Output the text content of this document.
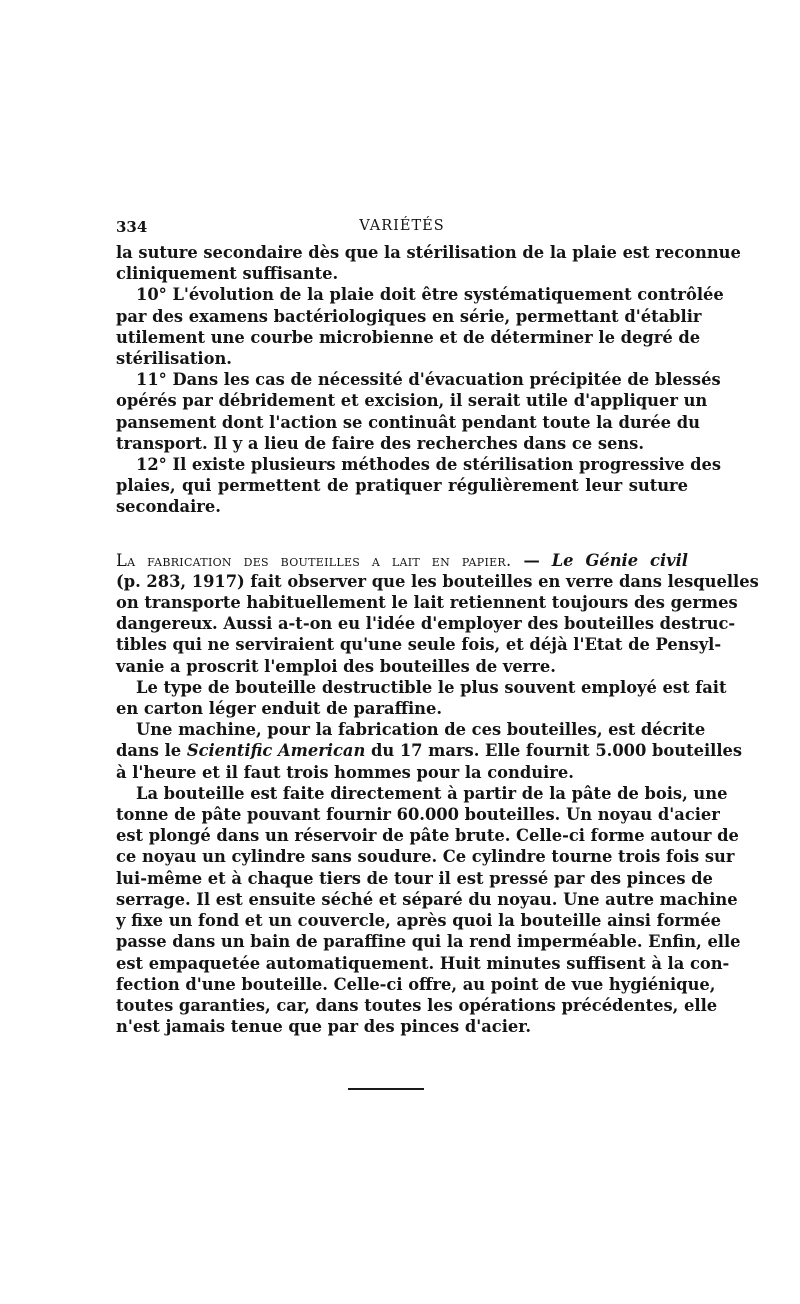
334	VARIÉTÉS
la suture secondaire dès que la stérilisation de la plaie est reconnue
cliniquement suffisante.
10° L'évolution de la plaie doit être systématiquement contrôlée
par des examens bactériologiques en série, permettant d'établir
utilement une courbe microbienne et de déterminer le degré de
stérilisation.
11° Dans les cas de nécessité d'évacuation précipitée de blessés
opérés par débridement et excision, il serait utile d'appliquer un
pansement dont l'action se continuât pendant toute la durée du
transport. Il y a lieu de faire des recherches dans ce sens.
12° Il existe plusieurs méthodes de stérilisation progressive des
plaies, qui permettent de pratiquer régulièrement leur suture
secondaire.
La fabrication des bouteilles a lait en papier. — Le Génie civil
(p. 283, 1917) fait observer que les bouteilles en verre dans lesquelles
on transporte habituellement le lait retiennent toujours des germes
dangereux. Aussi a-t-on eu l'idée d'employer des bouteilles destruc-
tibles qui ne serviraient qu'une seule fois, et déjà l'Etat de Pensyl-
vanie a proscrit l'emploi des bouteilles de verre.
Le type de bouteille destructible le plus souvent employé est fait
en carton léger enduit de paraffine.
Une machine, pour la fabrication de ces bouteilles, est décrite
dans le Scientific American du 17 mars. Elle fournit 5.000 bouteilles
à l'heure et il faut trois hommes pour la conduire.
La bouteille est faite directement à partir de la pâte de bois, une
tonne de pâte pouvant fournir 60.000 bouteilles. Un noyau d'acier
est plongé dans un réservoir de pâte brute. Celle-ci forme autour de
ce noyau un cylindre sans soudure. Ce cylindre tourne trois fois sur
lui-même et à chaque tiers de tour il est pressé par des pinces de
serrage. Il est ensuite séché et séparé du noyau. Une autre machine
y fixe un fond et un couvercle, après quoi la bouteille ainsi formée
passe dans un bain de paraffine qui la rend imperméable. Enfin, elle
est empaquetée automatiquement. Huit minutes suffisent à la con-
fection d'une bouteille. Celle-ci offre, au point de vue hygiénique,
toutes garanties, car, dans toutes les opérations précédentes, elle
n'est jamais tenue que par des pinces d'acier.
